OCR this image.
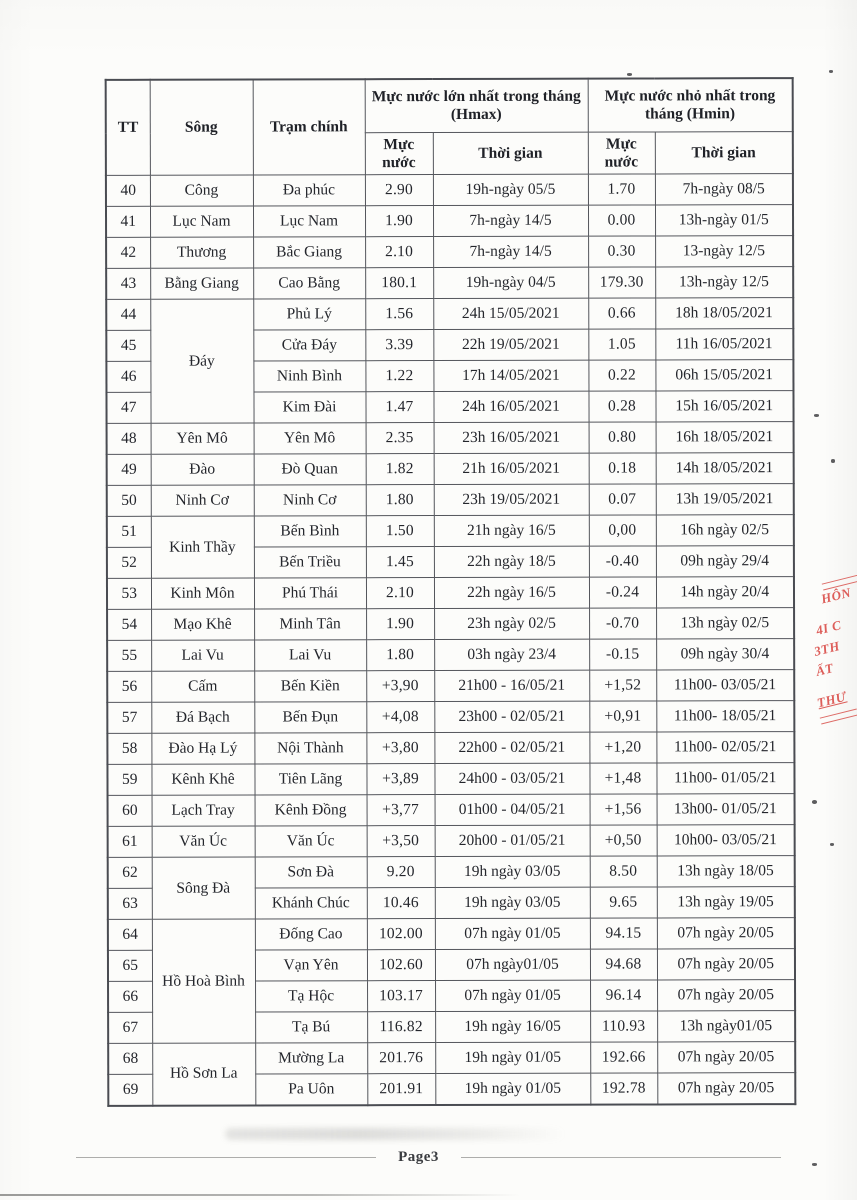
TT	Sông	Trạm chính	Mực nước lớn nhất trong tháng (Hmax)		Mực nước nhỏ nhất trong tháng (Hmin)	
			Mực nước	Thời gian	Mực nước	Thời gian
40	Công	Đa phúc	2.90	19h-ngày 05/5	1.70	7h-ngày 08/5
41	Lục Nam	Lục Nam	1.90	7h-ngày 14/5	0.00	13h-ngày 01/5
42	Thương	Bắc Giang	2.10	7h-ngày 14/5	0.30	13-ngày 12/5
43	Bằng Giang	Cao Bằng	180.1	19h-ngày 04/5	179.30	13h-ngày 12/5
44	Đáy	Phủ Lý	1.56	24h 15/05/2021	0.66	18h 18/05/2021
45		Cửa Đáy	3.39	22h 19/05/2021	1.05	11h 16/05/2021
46		Ninh Bình	1.22	17h 14/05/2021	0.22	06h 15/05/2021
47		Kim Đài	1.47	24h 16/05/2021	0.28	15h 16/05/2021
48	Yên Mô	Yên Mô	2.35	23h 16/05/2021	0.80	16h 18/05/2021
49	Đào	Đò Quan	1.82	21h 16/05/2021	0.18	14h 18/05/2021
50	Ninh Cơ	Ninh Cơ	1.80	23h 19/05/2021	0.07	13h 19/05/2021
51	Kinh Thầy	Bến Bình	1.50	21h ngày 16/5	0,00	16h ngày 02/5
52		Bến Triều	1.45	22h ngày 18/5	-0.40	09h ngày 29/4
53	Kinh Môn	Phú Thái	2.10	22h ngày 16/5	-0.24	14h ngày 20/4
54	Mạo Khê	Minh Tân	1.90	23h ngày 02/5	-0.70	13h ngày 02/5
55	Lai Vu	Lai Vu	1.80	03h ngày 23/4	-0.15	09h ngày 30/4
56	Cấm	Bến Kiền	+3,90	21h00 - 16/05/21	+1,52	11h00- 03/05/21
57	Đá Bạch	Bến Đụn	+4,08	23h00 - 02/05/21	+0,91	11h00- 18/05/21
58	Đào Hạ Lý	Nội Thành	+3,80	22h00 - 02/05/21	+1,20	11h00- 02/05/21
59	Kênh Khê	Tiên Lãng	+3,89	24h00 - 03/05/21	+1,48	11h00- 01/05/21
60	Lạch Tray	Kênh Đồng	+3,77	01h00 - 04/05/21	+1,56	13h00- 01/05/21
61	Văn Úc	Văn Úc	+3,50	20h00 - 01/05/21	+0,50	10h00- 03/05/21
62	Sông Đà	Sơn Đà	9.20	19h ngày 03/05	8.50	13h ngày 18/05
63		Khánh Chúc	10.46	19h ngày 03/05	9.65	13h ngày 19/05
64	Hồ Hoà Bình	Đống Cao	102.00	07h ngày 01/05	94.15	07h ngày 20/05
65		Vạn Yên	102.60	07h ngày01/05	94.68	07h ngày 20/05
66		Tạ Hộc	103.17	07h ngày 01/05	96.14	07h ngày 20/05
67		Tạ Bú	116.82	19h ngày 16/05	110.93	13h ngày01/05
68	Hồ Sơn La	Mường La	201.76	19h ngày 01/05	192.66	07h ngày 20/05
69		Pa Uôn	201.91	19h ngày 01/05	192.78	07h ngày 20/05
HÔN
4I C
3TH
ẤT
THƯ
Page3
